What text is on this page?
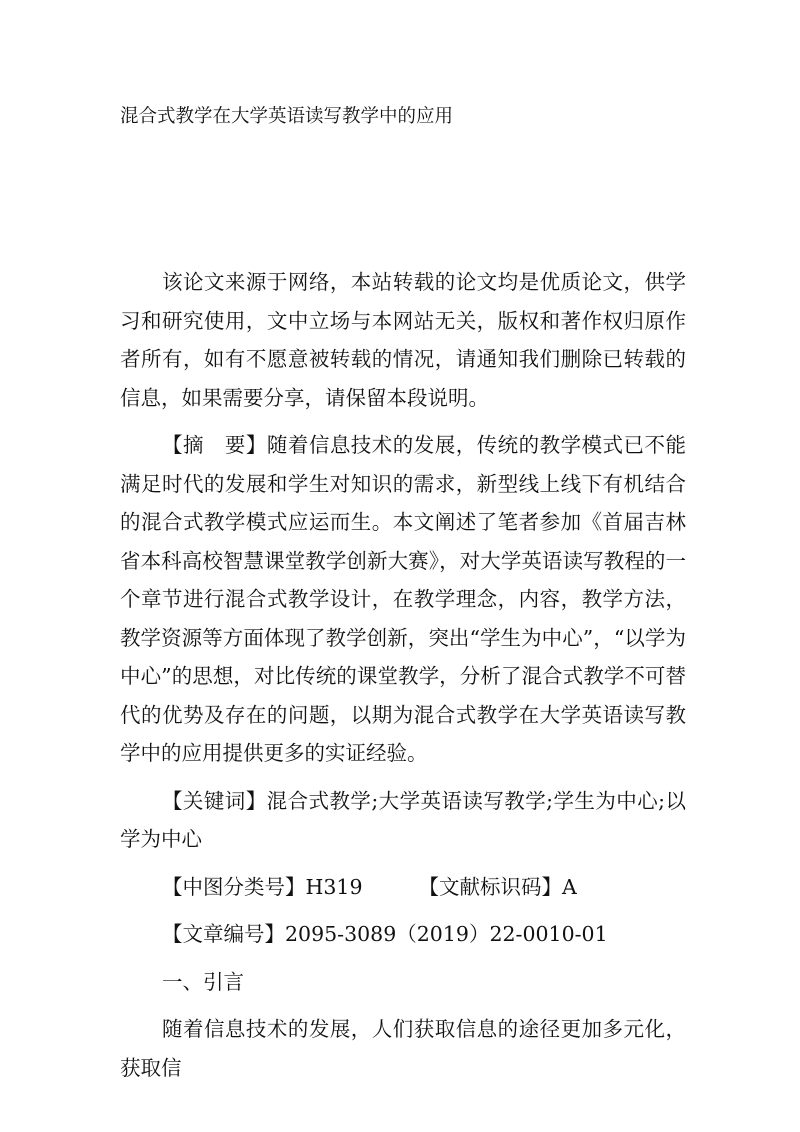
混合式教学在大学英语读写教学中的应用

该论文来源于网络，本站转载的论文均是优质论文，供学习和研究使用，文中立场与本网站无关，版权和著作权归原作者所有，如有不愿意被转载的情况，请通知我们删除已转载的信息，如果需要分享，请保留本段说明。

【摘　要】随着信息技术的发展，传统的教学模式已不能满足时代的发展和学生对知识的需求，新型线上线下有机结合的混合式教学模式应运而生。本文阐述了笔者参加《首届吉林省本科高校智慧课堂教学创新大赛》，对大学英语读写教程的一个章节进行混合式教学设计，在教学理念，内容，教学方法，教学资源等方面体现了教学创新，突出“学生为中心”，“以学为中心”的思想，对比传统的课堂教学，分析了混合式教学不可替代的优势及存在的问题，以期为混合式教学在大学英语读写教学中的应用提供更多的实证经验。

【关键词】混合式教学;大学英语读写教学;学生为中心;以学为中心

【中图分类号】H319	【文献标识码】A

【文章编号】2095-3089（2019）22-0010-01

一、引言

随着信息技术的发展，人们获取信息的途径更加多元化，获取信
